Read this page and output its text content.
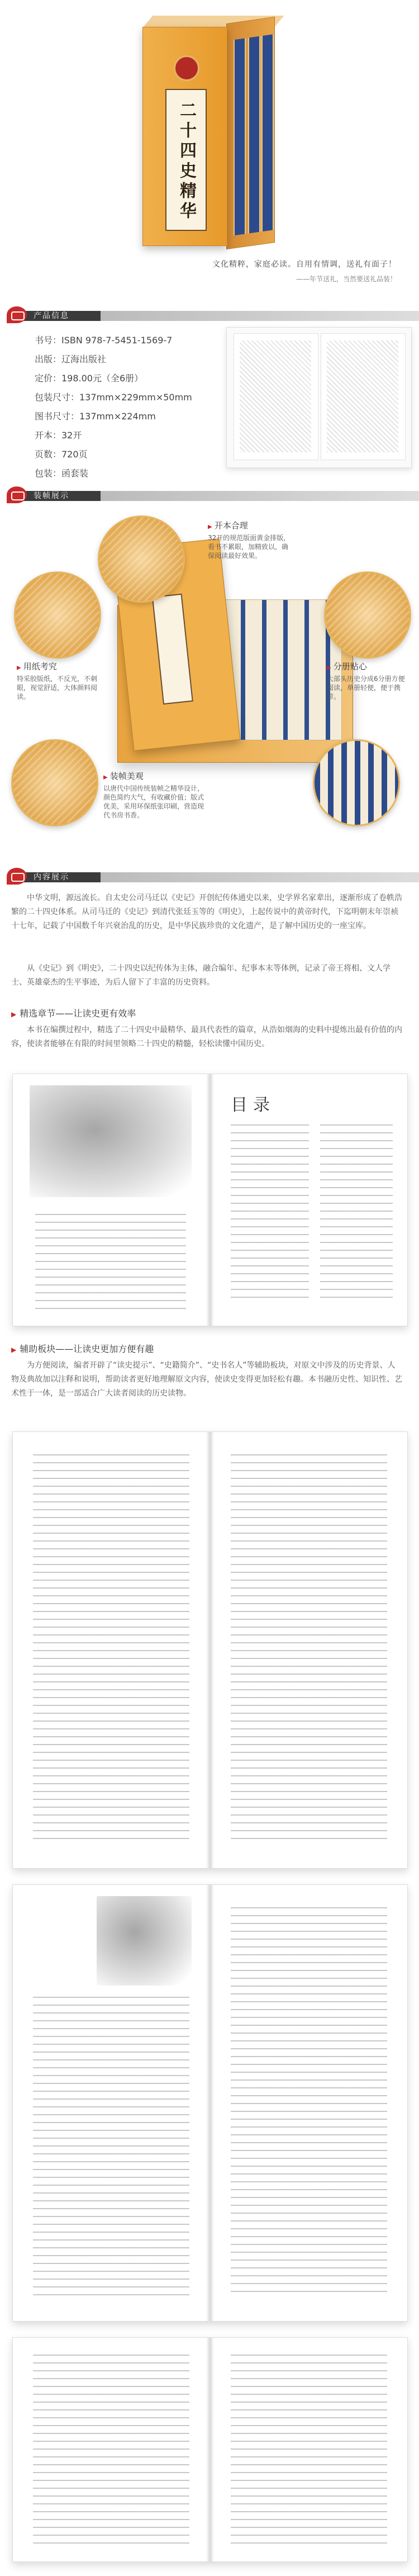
二十四史精华
文化精粹，家庭必读。自用有情调，送礼有面子！
——年节送礼，当然要送礼品装！
产品信息
书号：ISBN 978-7-5451-1569-7
出版：辽海出版社
定价：198.00元（全6册）
包装尺寸：137mm×229mm×50mm
图书尺寸：137mm×224mm
开本：32开
页数：720页
包装：函套装
装帧展示
▶ 开本合理
32开的规范版面黄金排版，看书不累眼，加精致以，确保阅读最好效果。
▶ 用纸考究
特采胶版纸，不反光，不刺眼，视觉舒适，大体颜料阅读。
▶ 分册贴心
大部头历史分成6分册方便阅读，单册轻便，便于携带。
▶ 装帧美观
以唐代中国传统装帧之精华设计，颜色简约大气，有收藏价值；版式优美，采用环保纸张印刷，营造现代书房书香。
内容展示
中华文明，源远流长。自太史公司马迁以《史记》开创纪传体通史以来，史学界名家辈出，逐渐形成了卷帙浩繁的二十四史体系。从司马迁的《史记》到清代张廷玉等的《明史》，上起传说中的黄帝时代，下迄明朝末年崇祯十七年，记载了中国数千年兴衰治乱的历史，是中华民族珍贵的文化遗产，是了解中国历史的一座宝库。
从《史记》到《明史》，二十四史以纪传体为主体，融合编年、纪事本末等体例，记录了帝王将相、文人学士、英雄豪杰的生平事迹，为后人留下了丰富的历史资料。
▶ 精选章节——让读史更有效率
本书在编撰过程中，精选了二十四史中最精华、最具代表性的篇章，从浩如烟海的史料中提炼出最有价值的内容，使读者能够在有限的时间里领略二十四史的精髓，轻松读懂中国历史。
目录
▶ 辅助板块——让读史更加方便有趣
为方便阅读，编者开辟了“读史提示”、“史籍简介”、“史书名人”等辅助板块，对原文中涉及的历史背景、人物及典故加以注释和说明，帮助读者更好地理解原文内容，使读史变得更加轻松有趣。本书融历史性、知识性、艺术性于一体，是一部适合广大读者阅读的历史读物。
